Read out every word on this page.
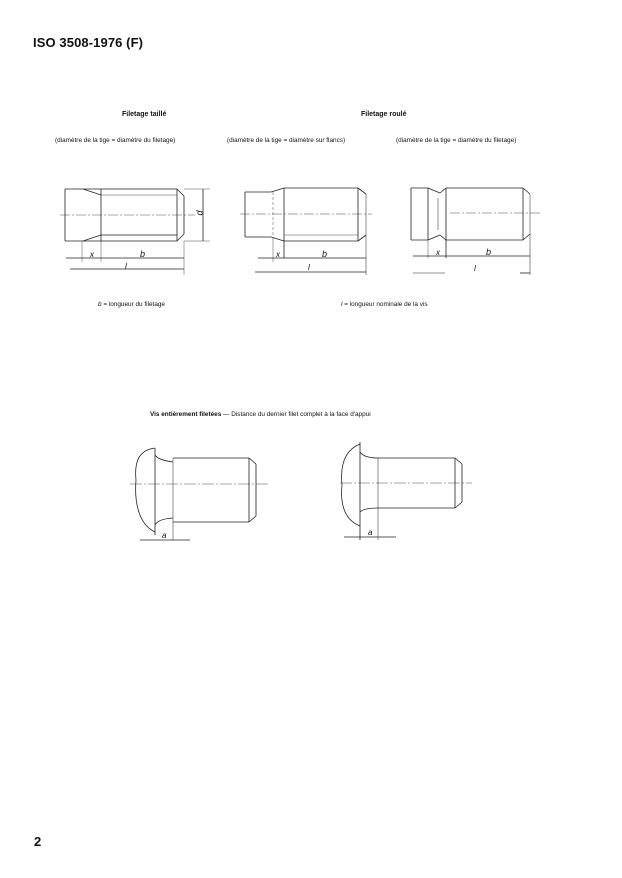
ISO 3508-1976 (F)
Filetage taillé	Filetage roulé
(diamètre de la tige = diamètre du filetage)	(diamètre de la tige = diamètre sur flancs)	(diamètre de la tige = diamètre du filetage)
x	b
l
d
x	b
l
x	b
l
b = longueur du filetage	l = longueur nominale de la vis
Vis entièrement filetées — Distance du dernier filet complet à la face d'appui
a	a
2
